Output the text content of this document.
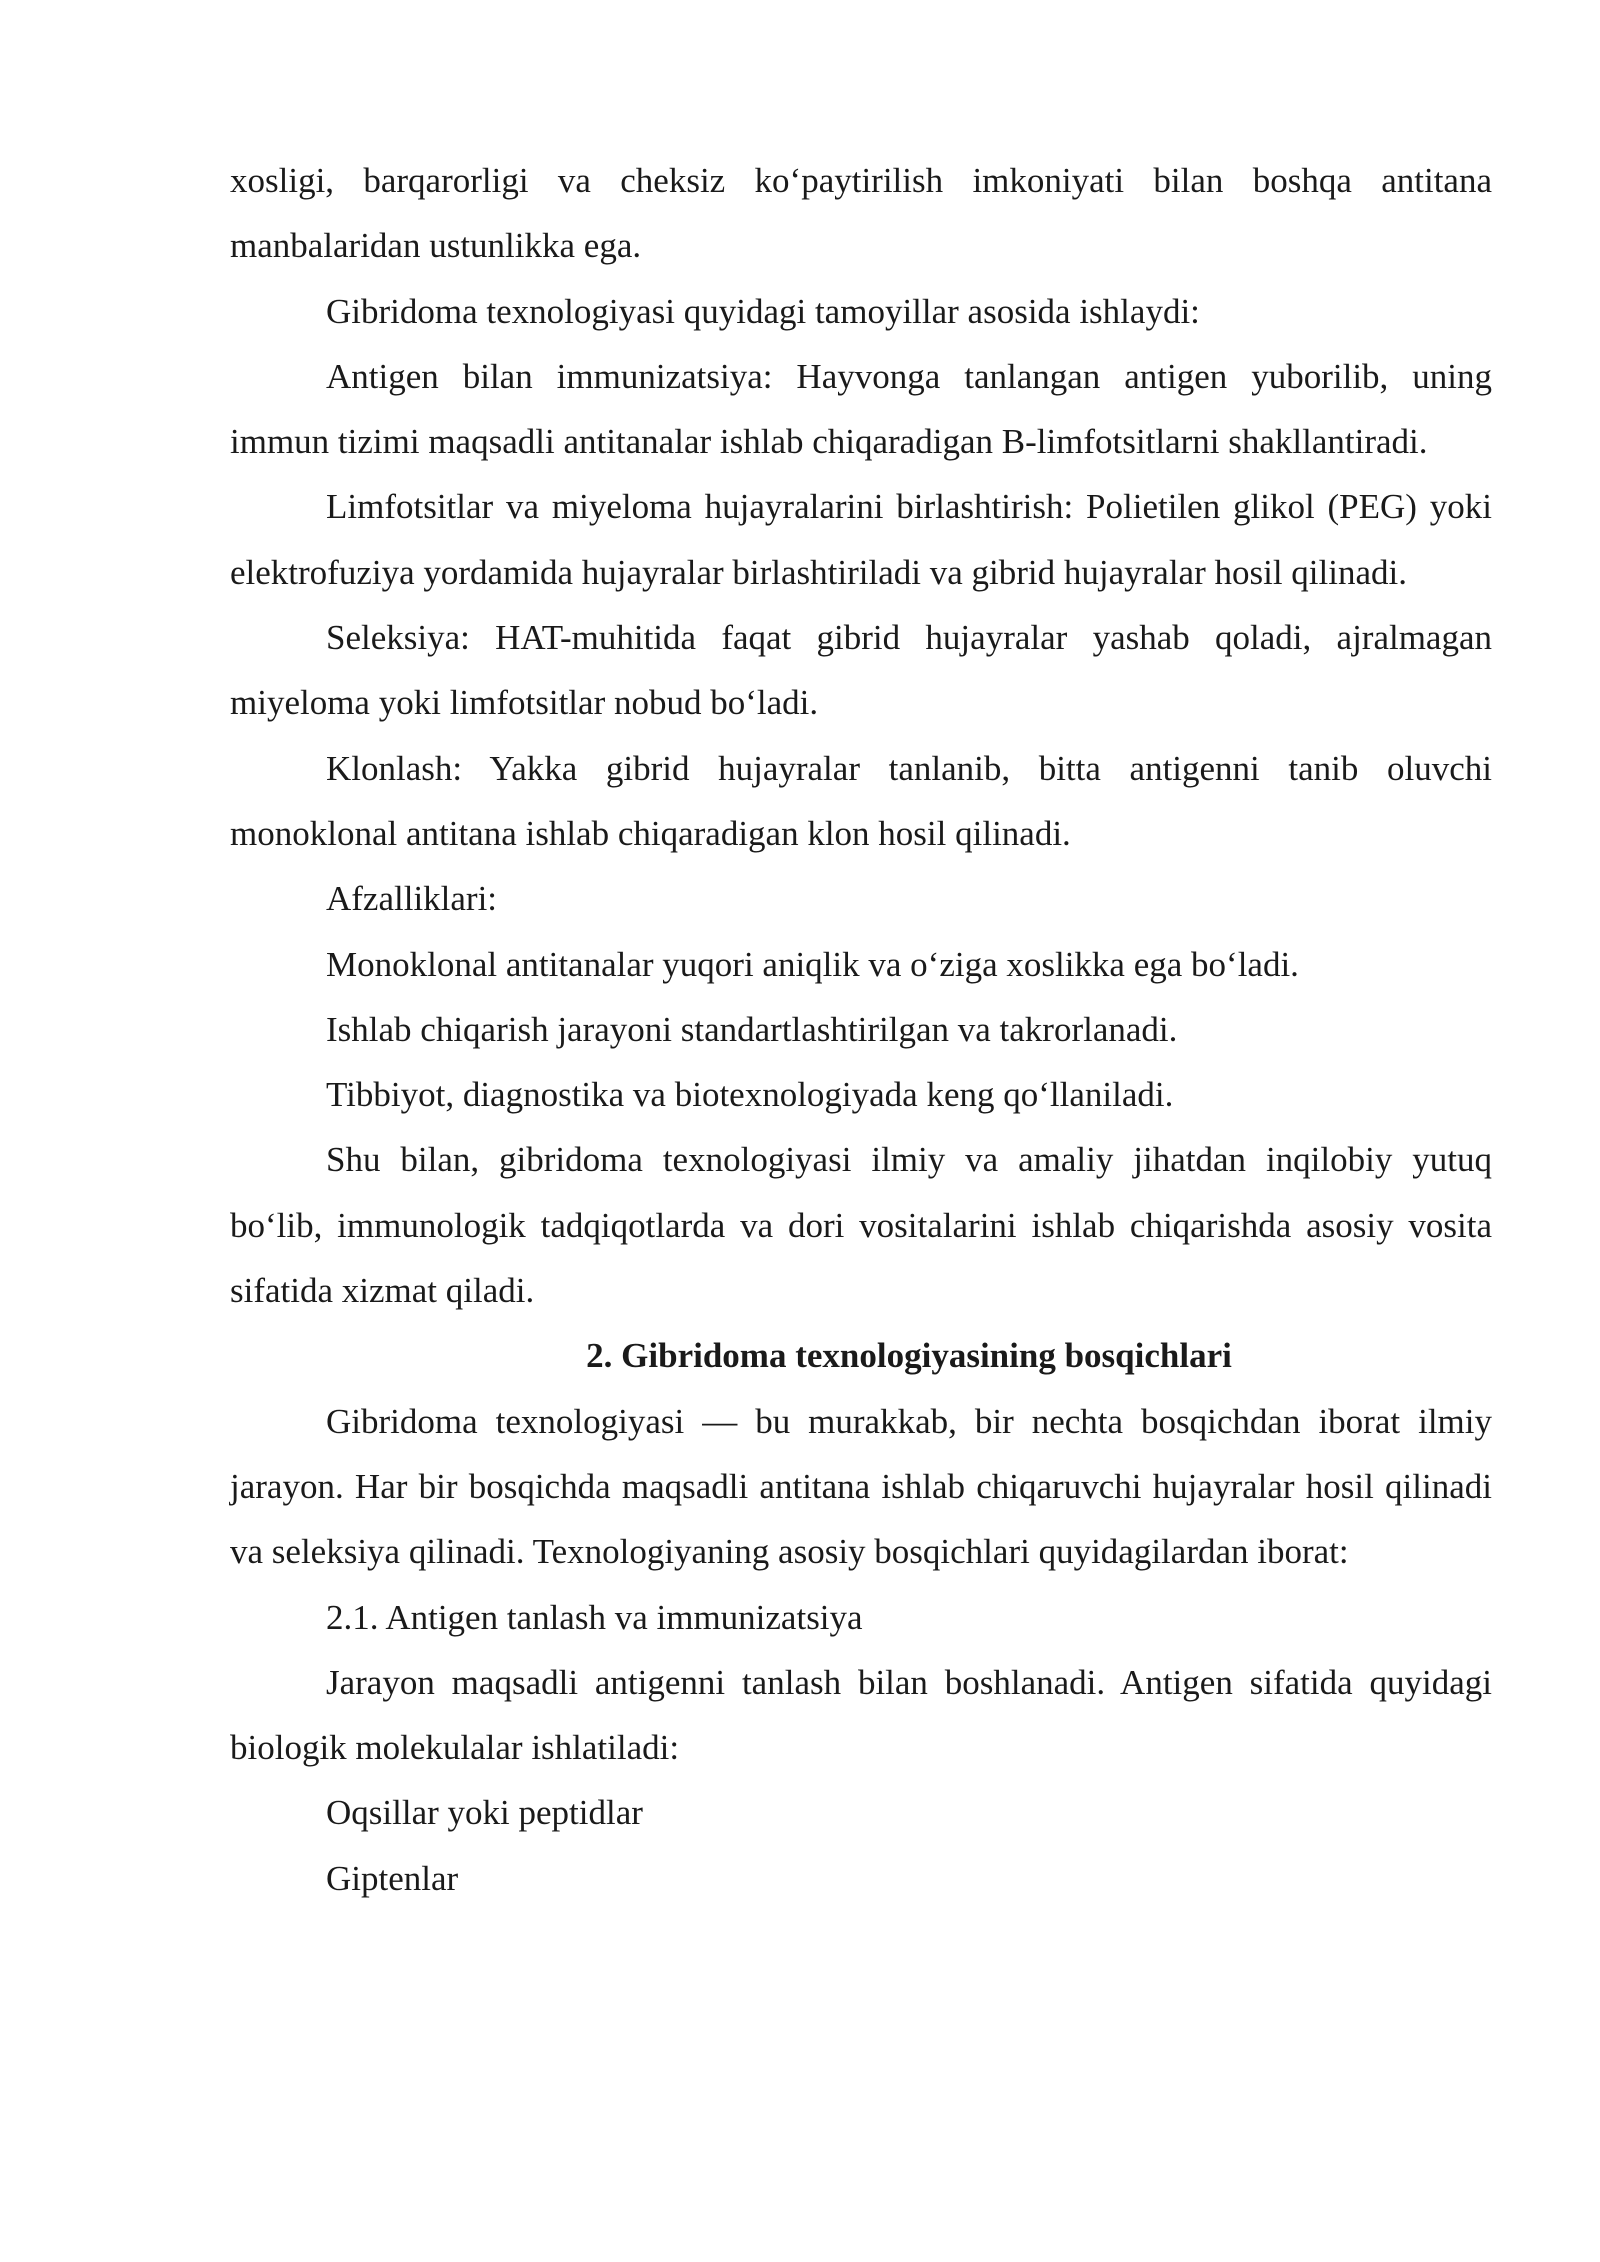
xosligi, barqarorligi va cheksiz ko‘paytirilish imkoniyati bilan boshqa antitana manbalaridan ustunlikka ega.

Gibridoma texnologiyasi quyidagi tamoyillar asosida ishlaydi:

Antigen bilan immunizatsiya: Hayvonga tanlangan antigen yuborilib, uning immun tizimi maqsadli antitanalar ishlab chiqaradigan B-limfotsitlarni shakllantiradi.

Limfotsitlar va miyeloma hujayralarini birlashtirish: Polietilen glikol (PEG) yoki elektrofuziya yordamida hujayralar birlashtiriladi va gibrid hujayralar hosil qilinadi.

Seleksiya: HAT-muhitida faqat gibrid hujayralar yashab qoladi, ajralmagan miyeloma yoki limfotsitlar nobud bo‘ladi.

Klonlash: Yakka gibrid hujayralar tanlanib, bitta antigenni tanib oluvchi monoklonal antitana ishlab chiqaradigan klon hosil qilinadi.

Afzalliklari:

Monoklonal antitanalar yuqori aniqlik va o‘ziga xoslikka ega bo‘ladi.

Ishlab chiqarish jarayoni standartlashtirilgan va takrorlanadi.

Tibbiyot, diagnostika va biotexnologiyada keng qo‘llaniladi.

Shu bilan, gibridoma texnologiyasi ilmiy va amaliy jihatdan inqilobiy yutuq bo‘lib, immunologik tadqiqotlarda va dori vositalarini ishlab chiqarishda asosiy vosita sifatida xizmat qiladi.

2. Gibridoma texnologiyasining bosqichlari

Gibridoma texnologiyasi — bu murakkab, bir nechta bosqichdan iborat ilmiy jarayon. Har bir bosqichda maqsadli antitana ishlab chiqaruvchi hujayralar hosil qilinadi va seleksiya qilinadi. Texnologiyaning asosiy bosqichlari quyidagilardan iborat:

2.1. Antigen tanlash va immunizatsiya

Jarayon maqsadli antigenni tanlash bilan boshlanadi. Antigen sifatida quyidagi biologik molekulalar ishlatiladi:

Oqsillar yoki peptidlar

Giptenlar
